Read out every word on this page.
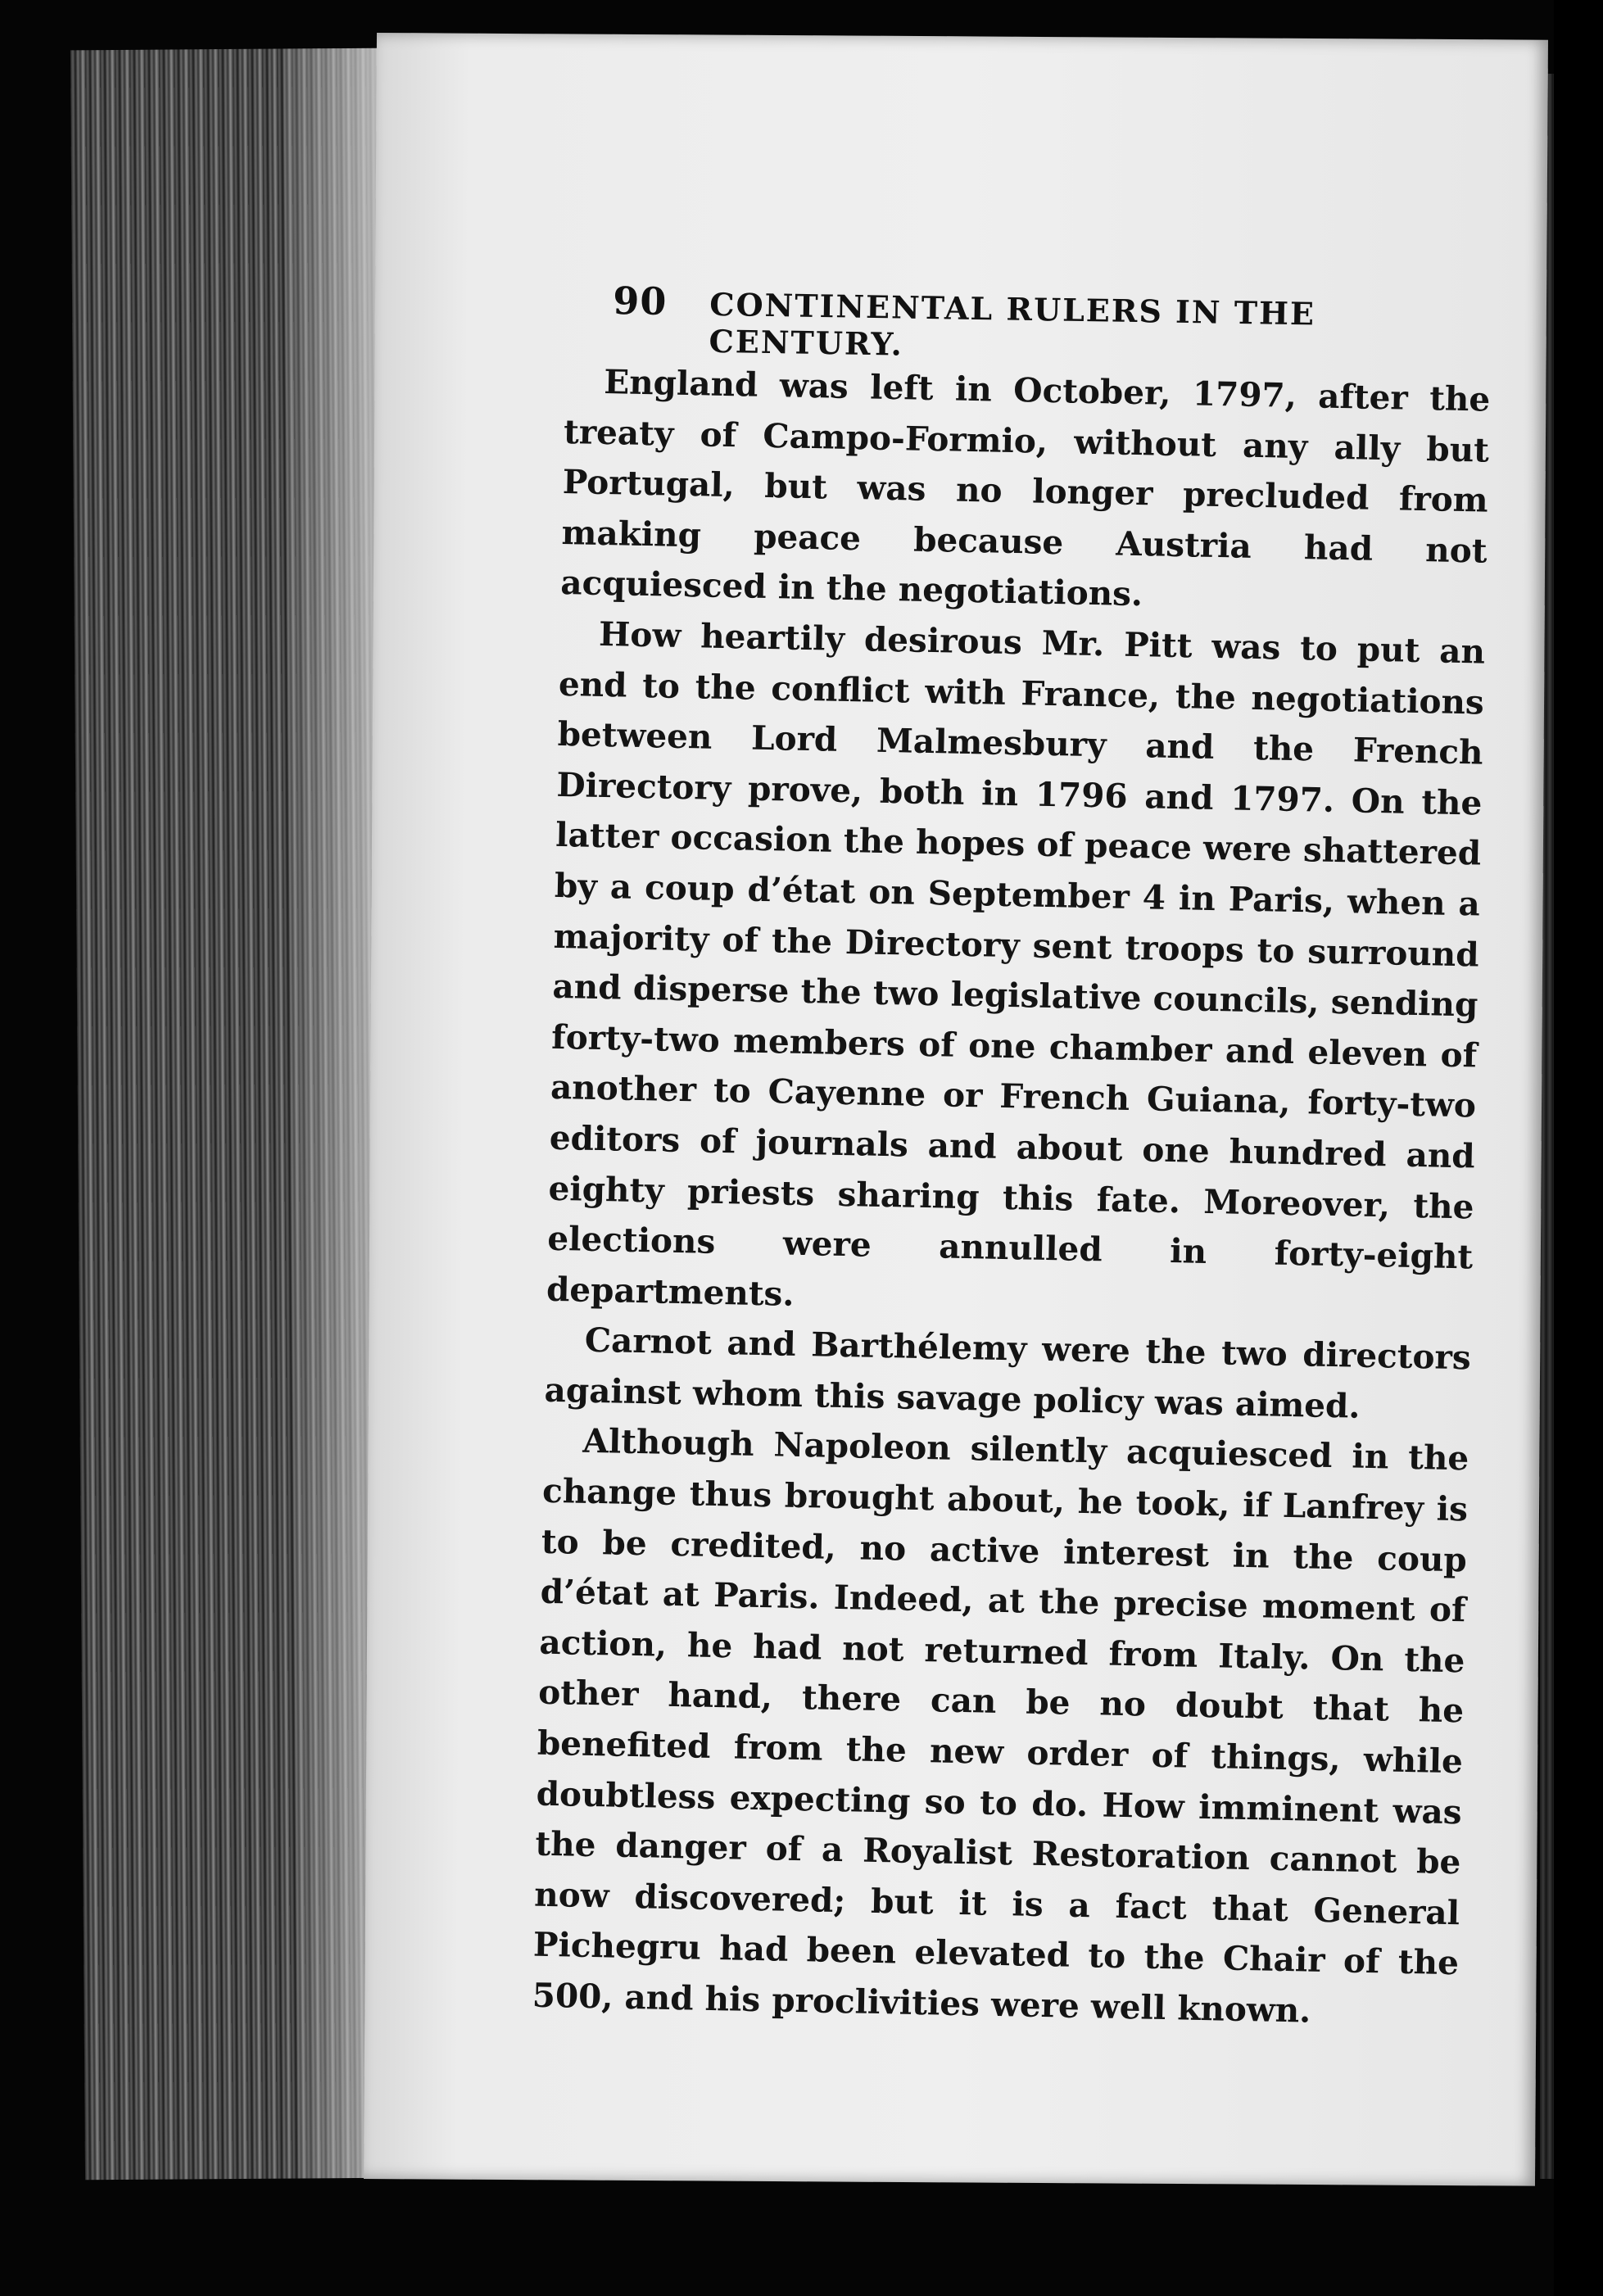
90 CONTINENTAL RULERS IN THE CENTURY.

England was left in October, 1797, after the treaty of Campo-Formio, without any ally but Portugal, but was no longer precluded from making peace because Austria had not acquiesced in the negotiations.

How heartily desirous Mr. Pitt was to put an end to the conflict with France, the negotiations between Lord Malmesbury and the French Directory prove, both in 1796 and 1797. On the latter occasion the hopes of peace were shattered by a coup d’état on September 4 in Paris, when a majority of the Directory sent troops to surround and disperse the two legislative councils, sending forty-two members of one chamber and eleven of another to Cayenne or French Guiana, forty-two editors of journals and about one hundred and eighty priests sharing this fate. Moreover, the elections were annulled in forty-eight departments.

Carnot and Barthélemy were the two directors against whom this savage policy was aimed.

Although Napoleon silently acquiesced in the change thus brought about, he took, if Lanfrey is to be credited, no active interest in the coup d’état at Paris. Indeed, at the precise moment of action, he had not returned from Italy. On the other hand, there can be no doubt that he benefited from the new order of things, while doubtless expecting so to do. How imminent was the danger of a Royalist Restoration cannot be now discovered; but it is a fact that General Pichegru had been elevated to the Chair of the 500, and his proclivities were well known.
